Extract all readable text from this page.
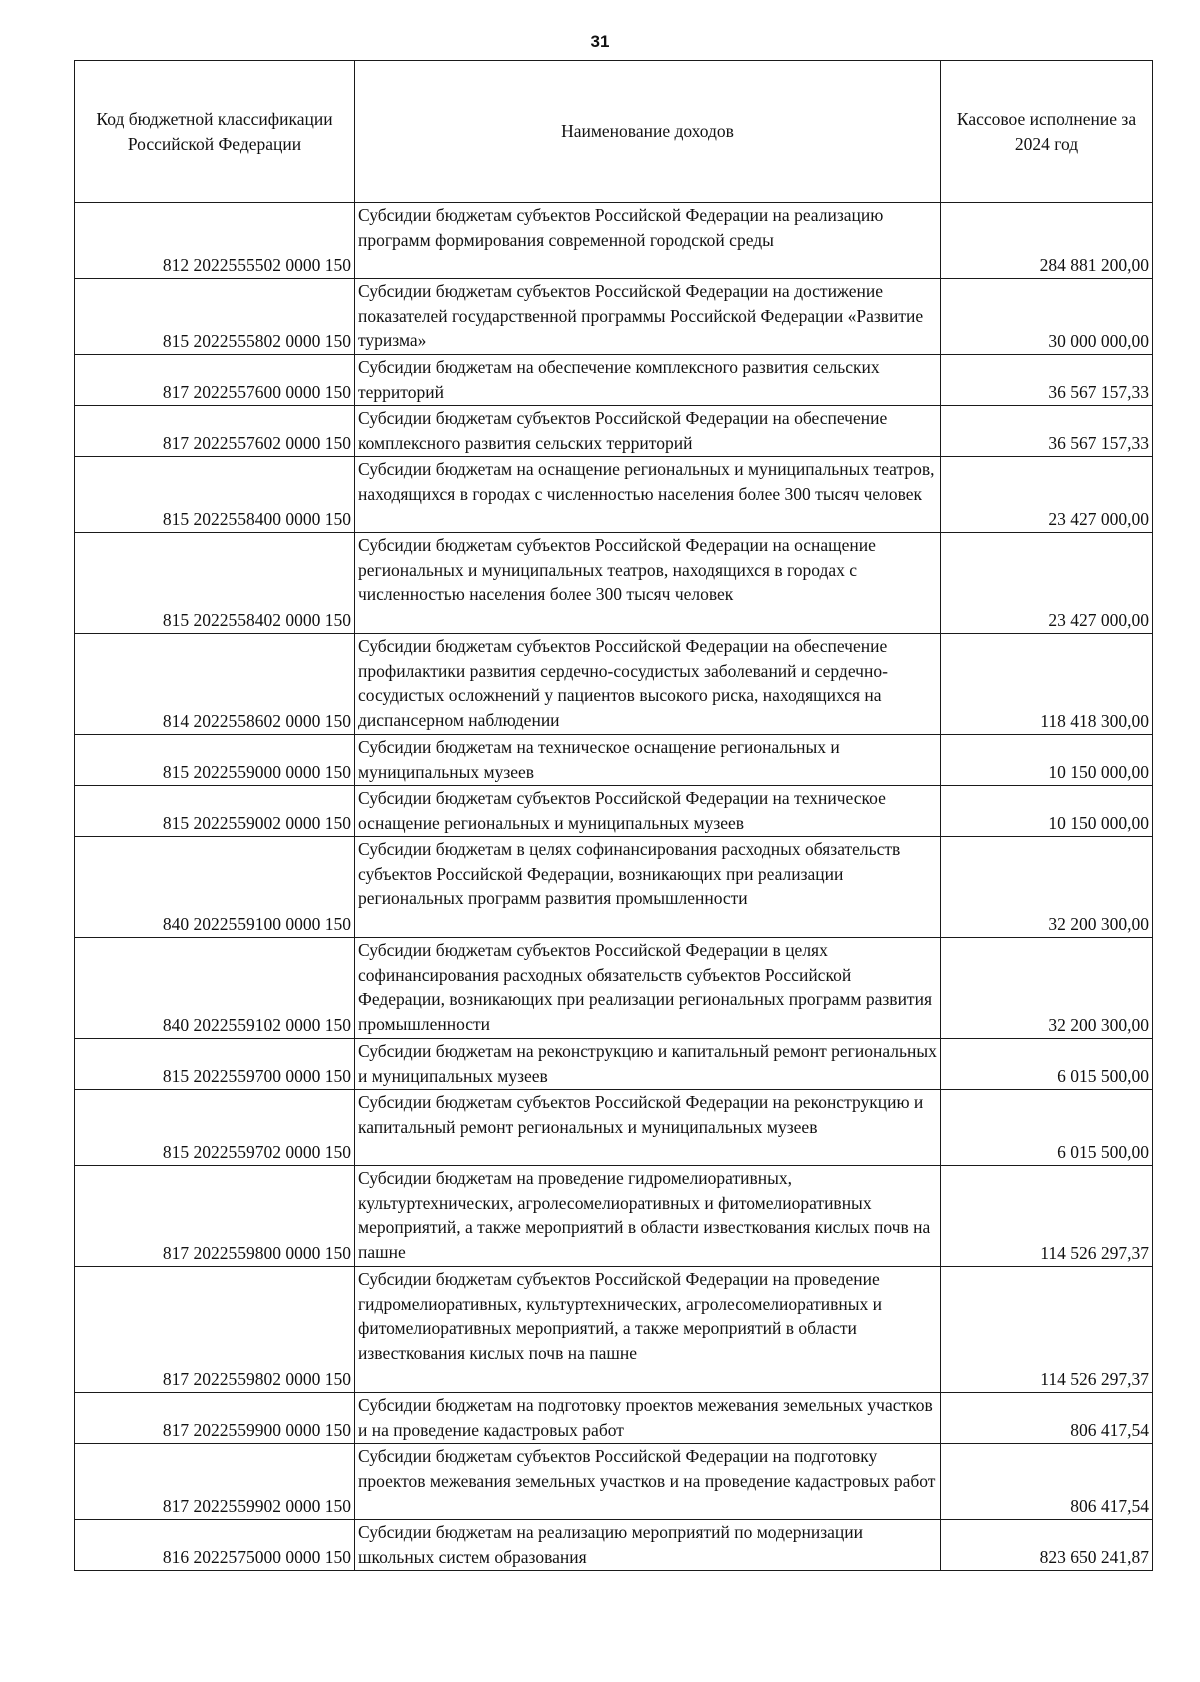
31
Код бюджетной классификации Российской Федерации	Наименование доходов	Кассовое исполнение за 2024 год
812 2022555502 0000 150	Субсидии бюджетам субъектов Российской Федерации на реализацию программ формирования современной городской среды	284 881 200,00
815 2022555802 0000 150	Субсидии бюджетам субъектов Российской Федерации на достижение показателей государственной программы Российской Федерации «Развитие туризма»	30 000 000,00
817 2022557600 0000 150	Субсидии бюджетам на обеспечение комплексного развития сельских территорий	36 567 157,33
817 2022557602 0000 150	Субсидии бюджетам субъектов Российской Федерации на обеспечение комплексного развития сельских территорий	36 567 157,33
815 2022558400 0000 150	Субсидии бюджетам на оснащение региональных и муниципальных театров, находящихся в городах с численностью населения более 300 тысяч человек	23 427 000,00
815 2022558402 0000 150	Субсидии бюджетам субъектов Российской Федерации на оснащение региональных и муниципальных театров, находящихся в городах с численностью населения более 300 тысяч человек	23 427 000,00
814 2022558602 0000 150	Субсидии бюджетам субъектов Российской Федерации на обеспечение профилактики развития сердечно-сосудистых заболеваний и сердечно-сосудистых осложнений у пациентов высокого риска, находящихся на диспансерном наблюдении	118 418 300,00
815 2022559000 0000 150	Субсидии бюджетам на техническое оснащение региональных и муниципальных музеев	10 150 000,00
815 2022559002 0000 150	Субсидии бюджетам субъектов Российской Федерации на техническое оснащение региональных и муниципальных музеев	10 150 000,00
840 2022559100 0000 150	Субсидии бюджетам в целях софинансирования расходных обязательств субъектов Российской Федерации, возникающих при реализации региональных программ развития промышленности	32 200 300,00
840 2022559102 0000 150	Субсидии бюджетам субъектов Российской Федерации в целях софинансирования расходных обязательств субъектов Российской Федерации, возникающих при реализации региональных программ развития промышленности	32 200 300,00
815 2022559700 0000 150	Субсидии бюджетам на реконструкцию и капитальный ремонт региональных и муниципальных музеев	6 015 500,00
815 2022559702 0000 150	Субсидии бюджетам субъектов Российской Федерации на реконструкцию и капитальный ремонт региональных и муниципальных музеев	6 015 500,00
817 2022559800 0000 150	Субсидии бюджетам на проведение гидромелиоративных, культуртехнических, агролесомелиоративных и фитомелиоративных мероприятий, а также мероприятий в области известкования кислых почв на пашне	114 526 297,37
817 2022559802 0000 150	Субсидии бюджетам субъектов Российской Федерации на проведение гидромелиоративных, культуртехнических, агролесомелиоративных и фитомелиоративных мероприятий, а также мероприятий в области известкования кислых почв на пашне	114 526 297,37
817 2022559900 0000 150	Субсидии бюджетам на подготовку проектов межевания земельных участков и на проведение кадастровых работ	806 417,54
817 2022559902 0000 150	Субсидии бюджетам субъектов Российской Федерации на подготовку проектов межевания земельных участков и на проведение кадастровых работ	806 417,54
816 2022575000 0000 150	Субсидии бюджетам на реализацию мероприятий по модернизации школьных систем образования	823 650 241,87
